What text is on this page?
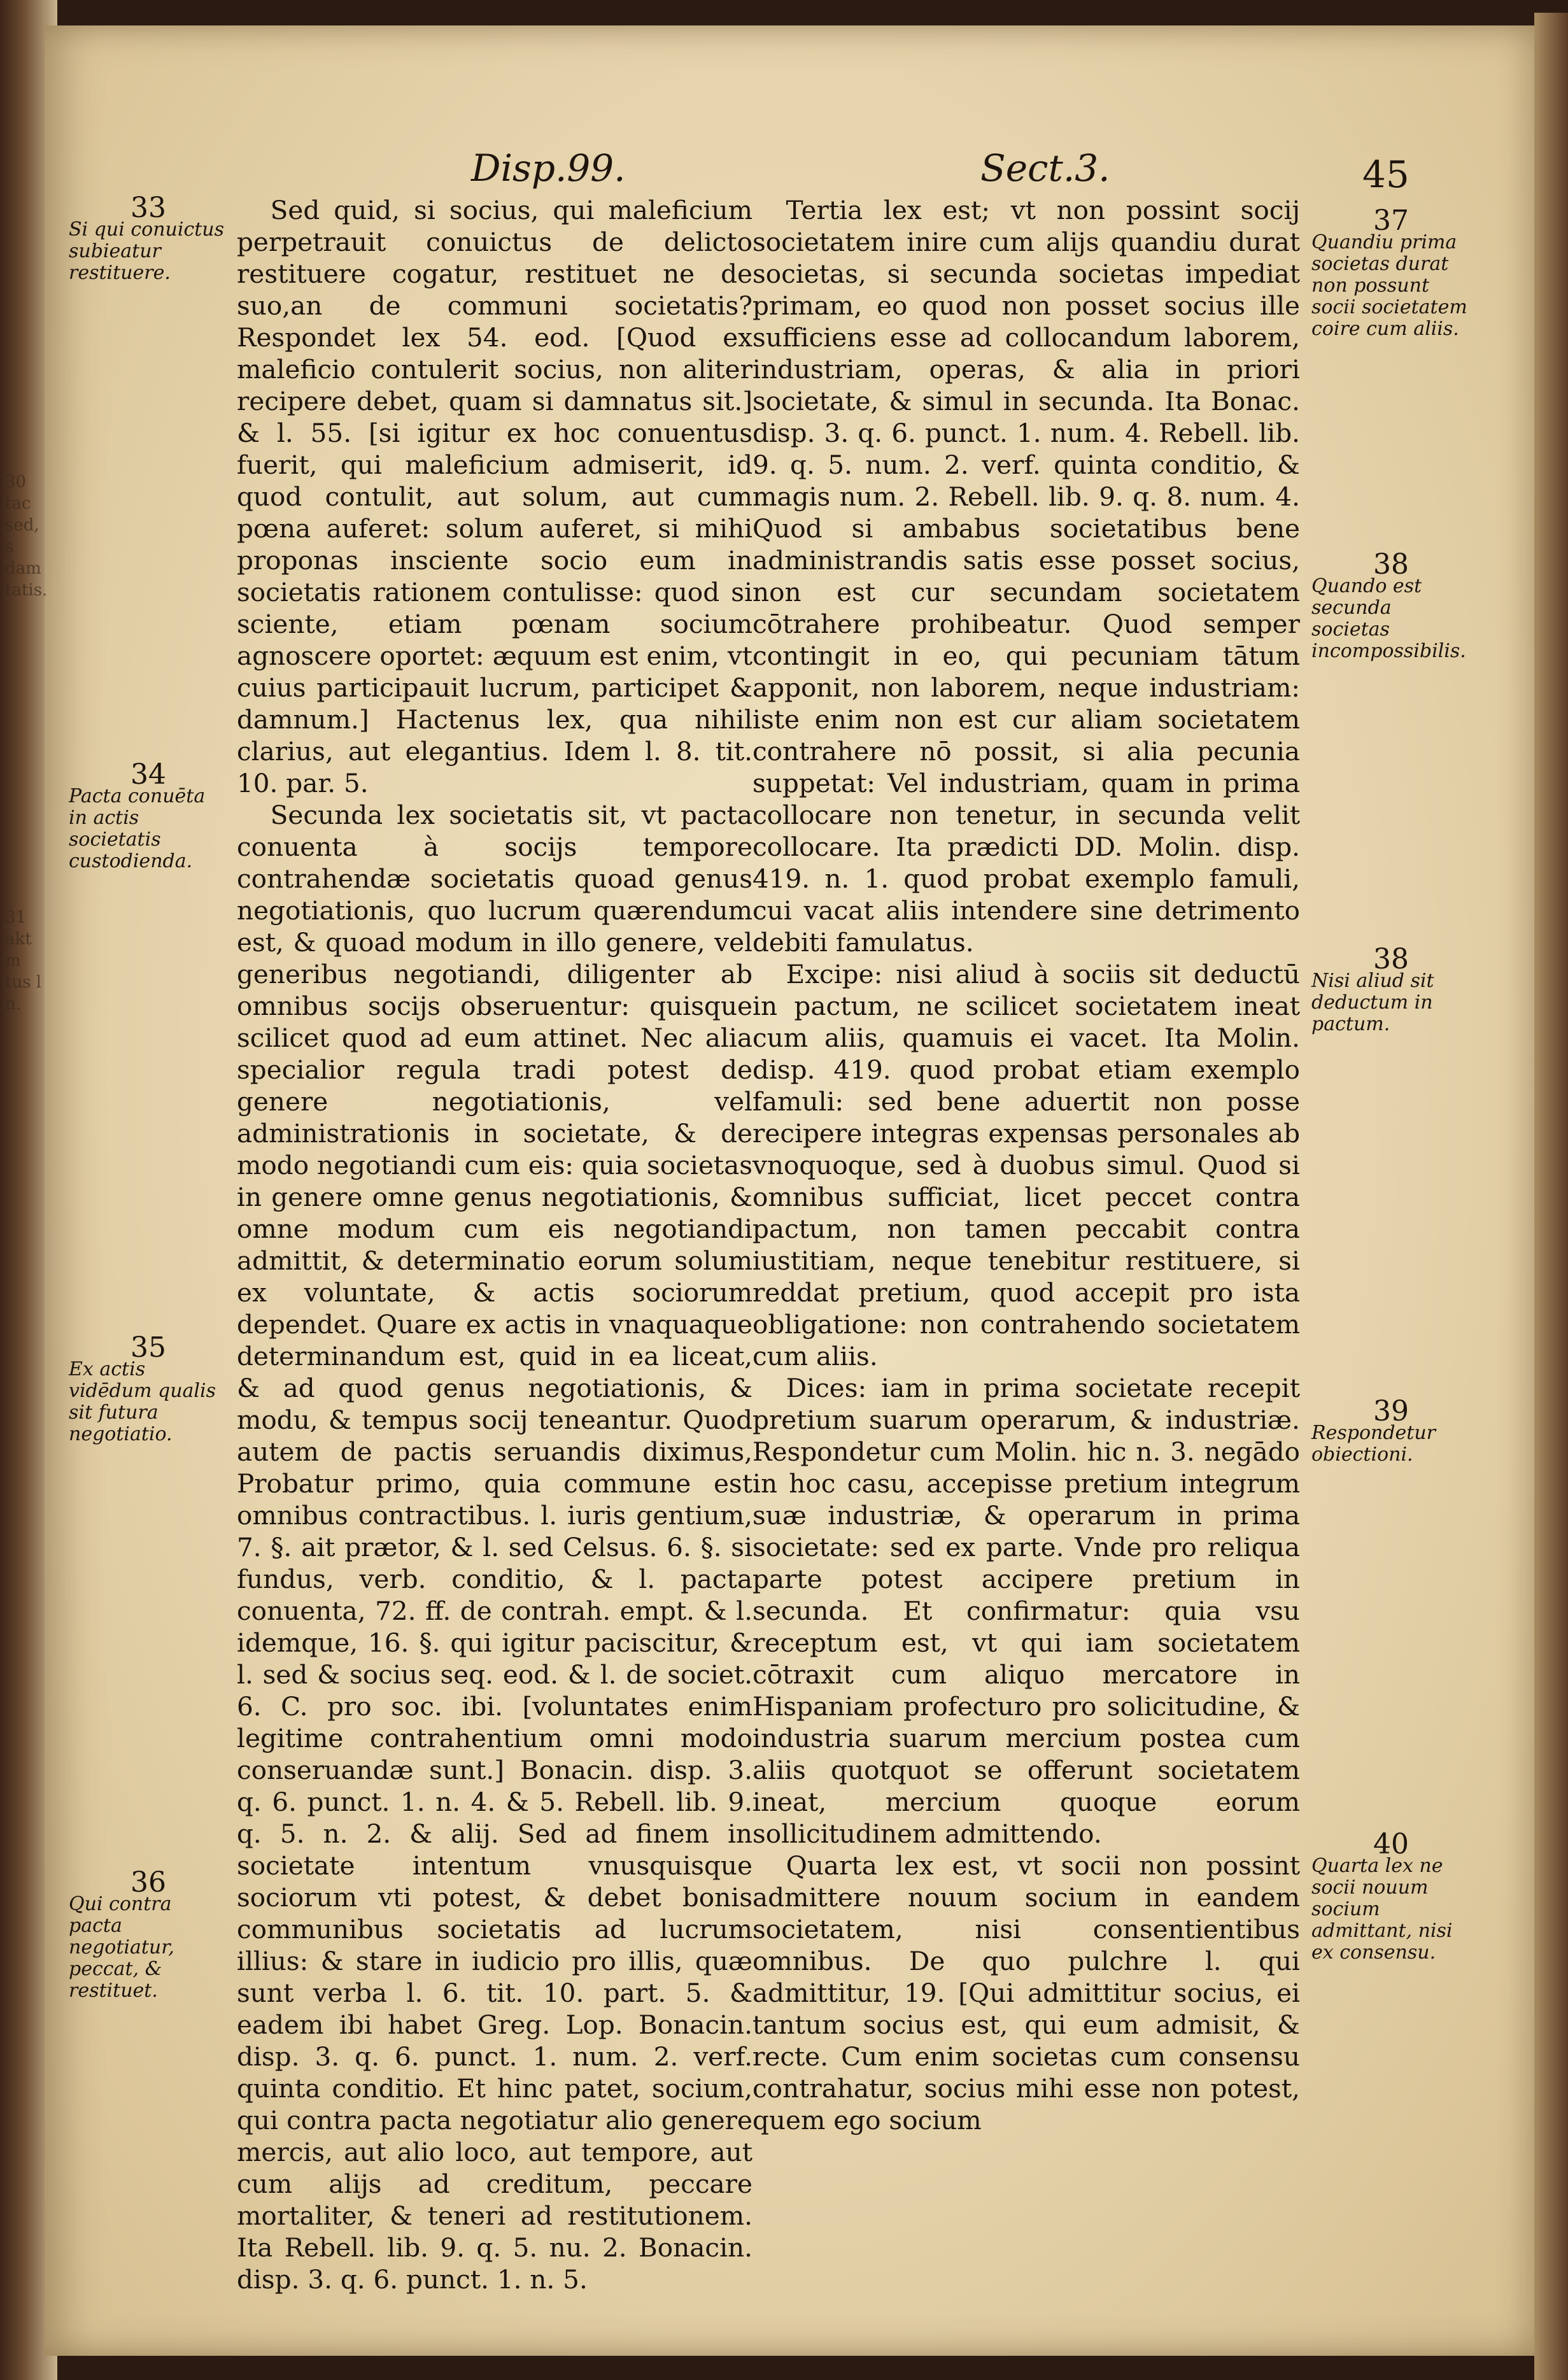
30
tac sed, s dam tatis.
31
akt m tus l n.
Disp.99.	Sect.3.	45

Sed quid, si socius, qui maleficium perpetrauit conuictus de delicto restituere cogatur, restituet ne de suo,an de communi societatis? Respondet lex 54. eod. [Quod ex maleficio contulerit socius, non aliter recipere debet, quam si damnatus sit.] & l. 55. [si igitur ex hoc conuentus fuerit, qui maleficium admiserit, id quod contulit, aut solum, aut cum pœna auferet: solum auferet, si mihi proponas insciente socio eum in societatis rationem contulisse: quod si sciente, etiam pœnam socium agnoscere oportet: æquum est enim, vt cuius participauit lucrum, participet & damnum.] Hactenus lex, qua nihil clarius, aut elegantius. Idem l. 8. tit. 10. par. 5.

Secunda lex societatis sit, vt pacta conuenta à socijs tempore contrahendæ societatis quoad genus negotiationis, quo lucrum quærendum est, & quoad modum in illo genere, vel generibus negotiandi, diligenter ab omnibus socijs obseruentur: quisque scilicet quod ad eum attinet. Nec alia specialior regula tradi potest de genere negotiationis, vel administrationis in societate, & de modo negotiandi cum eis: quia societas in genere omne genus negotiationis, & omne modum cum eis negotiandi admittit, & determinatio eorum solum ex voluntate, & actis sociorum dependet. Quare ex actis in vnaquaque determinandum est, quid in ea liceat, & ad quod genus negotiationis, & modu, & tempus socij teneantur. Quod autem de pactis seruandis diximus, Probatur primo, quia commune est omnibus contractibus. l. iuris gentium, 7. §. ait prætor, & l. sed Celsus. 6. §. si fundus, verb. conditio, & l. pacta conuenta, 72. ff. de contrah. empt. & l. idemque, 16. §. qui igitur paciscitur, & l. sed & socius seq. eod. & l. de societ. 6. C. pro soc. ibi. [voluntates enim legitime contrahentium omni modo conseruandæ sunt.] Bonacin. disp. 3. q. 6. punct. 1. n. 4. & 5. Rebell. lib. 9. q. 5. n. 2. & alij. Sed ad finem in societate intentum vnusquisque sociorum vti potest, & debet bonis communibus societatis ad lucrum illius: & stare in iudicio pro illis, quæ sunt verba l. 6. tit. 10. part. 5. & eadem ibi habet Greg. Lop. Bonacin. disp. 3. q. 6. punct. 1. num. 2. verf. quinta conditio. Et hinc patet, socium, qui contra pacta negotiatur alio genere mercis, aut alio loco, aut tempore, aut cum alijs ad creditum, peccare mortaliter, & teneri ad restitutionem. Ita Rebell. lib. 9. q. 5. nu. 2. Bonacin. disp. 3. q. 6. punct. 1. n. 5.

Tertia lex est; vt non possint socij societatem inire cum alijs quandiu durat societas, si secunda societas impediat primam, eo quod non posset socius ille sufficiens esse ad collocandum laborem, industriam, operas, & alia in priori societate, & simul in secunda. Ita Bonac. disp. 3. q. 6. punct. 1. num. 4. Rebell. lib. 9. q. 5. num. 2. verf. quinta conditio, & magis num. 2. Rebell. lib. 9. q. 8. num. 4. Quod si ambabus societatibus bene administrandis satis esse posset socius, non est cur secundam societatem cōtrahere prohibeatur. Quod semper contingit in eo, qui pecuniam tātum apponit, non laborem, neque industriam: iste enim non est cur aliam societatem contrahere nō possit, si alia pecunia suppetat: Vel industriam, quam in prima collocare non tenetur, in secunda velit collocare. Ita prædicti DD. Molin. disp. 419. n. 1. quod probat exemplo famuli, cui vacat aliis intendere sine detrimento debiti famulatus.

Excipe: nisi aliud à sociis sit deductū in pactum, ne scilicet societatem ineat cum aliis, quamuis ei vacet. Ita Molin. disp. 419. quod probat etiam exemplo famuli: sed bene aduertit non posse recipere integras expensas personales ab vnoquoque, sed à duobus simul. Quod si omnibus sufficiat, licet peccet contra pactum, non tamen peccabit contra iustitiam, neque tenebitur restituere, si reddat pretium, quod accepit pro ista obligatione: non contrahendo societatem cum aliis.

Dices: iam in prima societate recepit pretium suarum operarum, & industriæ. Respondetur cum Molin. hic n. 3. negādo in hoc casu, accepisse pretium integrum suæ industriæ, & operarum in prima societate: sed ex parte. Vnde pro reliqua parte potest accipere pretium in secunda. Et confirmatur: quia vsu receptum est, vt qui iam societatem cōtraxit cum aliquo mercatore in Hispaniam profecturo pro solicitudine, & industria suarum mercium postea cum aliis quotquot se offerunt societatem ineat, mercium quoque eorum sollicitudinem admittendo.

Quarta lex est, vt socii non possint admittere nouum socium in eandem societatem, nisi consentientibus omnibus. De quo pulchre l. qui admittitur, 19. [Qui admittitur socius, ei tantum socius est, qui eum admisit, & recte. Cum enim societas cum consensu contrahatur, socius mihi esse non potest, quem ego socium

33
Si qui conuictus subieatur restituere.
34
Pacta conuēta in actis societatis custodienda.
35
Ex actis vidēdum qualis sit futura negotiatio.
36
Qui contra pacta negotiatur, peccat, & restituet.
37
Quandiu prima societas durat non possunt socii societatem coire cum aliis.
38
Quando est secunda societas incompossibilis.
38
Nisi aliud sit deductum in pactum.
39
Respondetur obiectioni.
40
Quarta lex ne socii nouum socium admittant, nisi ex consensu.
